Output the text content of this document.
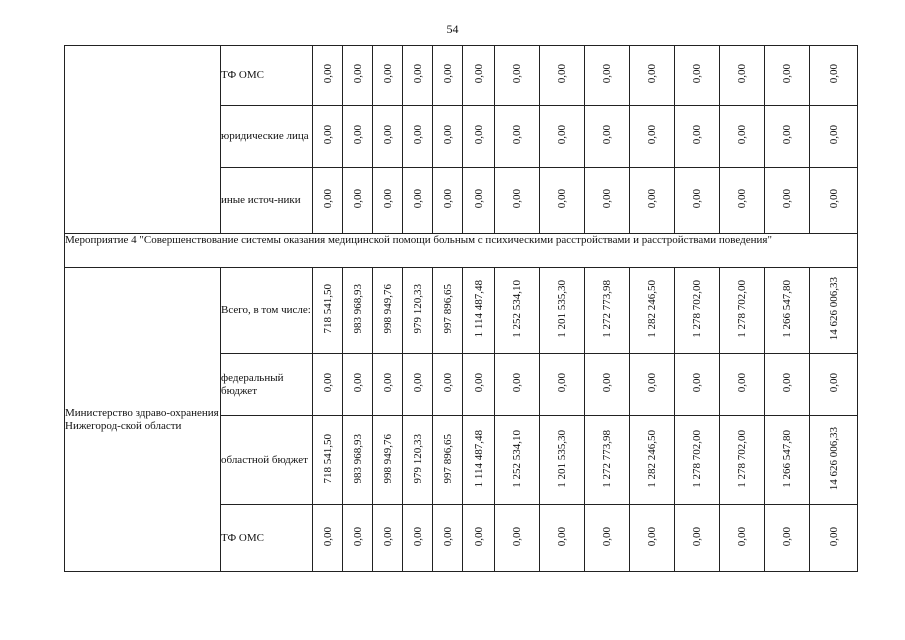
54
	ТФ ОМС	0,00	0,00	0,00	0,00	0,00	0,00	0,00	0,00	0,00	0,00	0,00	0,00	0,00	0,00
	юридические лица	0,00	0,00	0,00	0,00	0,00	0,00	0,00	0,00	0,00	0,00	0,00	0,00	0,00	0,00
	иные источ-ники	0,00	0,00	0,00	0,00	0,00	0,00	0,00	0,00	0,00	0,00	0,00	0,00	0,00	0,00
Мероприятие 4 "Совершенствование системы оказания медицинской помощи больным с психическими расстройствами и расстройствами поведения"															
Министерство здраво-охранения Нижегород-ской области	Всего, в том числе:	718 541,50	983 968,93	998 949,76	979 120,33	997 896,65	1 114 487,48	1 252 534,10	1 201 535,30	1 272 773,98	1 282 246,50	1 278 702,00	1 278 702,00	1 266 547,80	14 626 006,33
	федеральный бюджет	0,00	0,00	0,00	0,00	0,00	0,00	0,00	0,00	0,00	0,00	0,00	0,00	0,00	0,00
	областной бюджет	718 541,50	983 968,93	998 949,76	979 120,33	997 896,65	1 114 487,48	1 252 534,10	1 201 535,30	1 272 773,98	1 282 246,50	1 278 702,00	1 278 702,00	1 266 547,80	14 626 006,33
	ТФ ОМС	0,00	0,00	0,00	0,00	0,00	0,00	0,00	0,00	0,00	0,00	0,00	0,00	0,00	0,00
